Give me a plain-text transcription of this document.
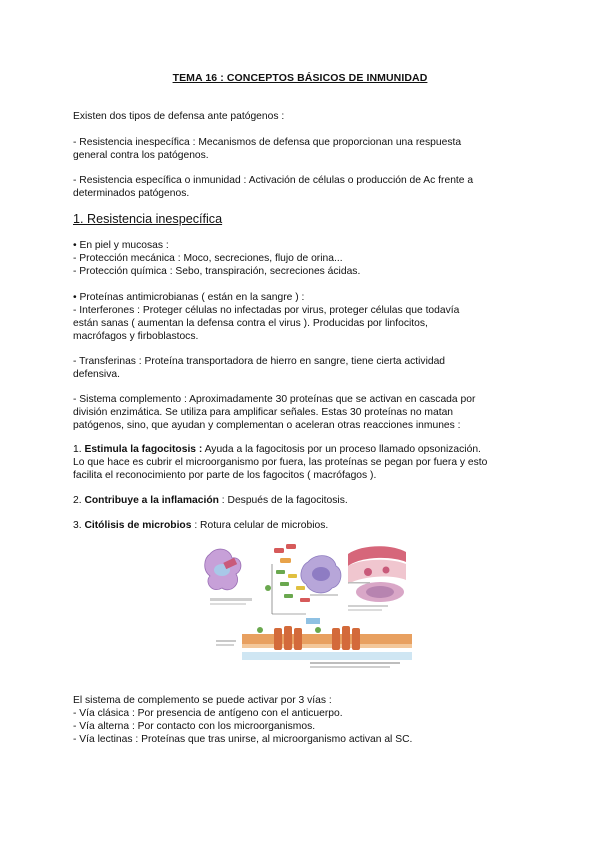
TEMA 16 : CONCEPTOS BÁSICOS DE INMUNIDAD
Existen dos tipos de defensa ante patógenos :
- Resistencia inespecífica : Mecanismos de defensa que proporcionan una respuesta
general contra los patógenos.
- Resistencia específica o inmunidad : Activación de células o producción de Ac frente a
determinados patógenos.
1. Resistencia inespecífica
• En piel y mucosas :
- Protección mecánica : Moco, secreciones, flujo de orina...
- Protección química : Sebo, transpiración, secreciones ácidas.
• Proteínas antimicrobianas ( están en la sangre ) :
- Interferones : Proteger células no infectadas por virus, proteger células que todavía
están sanas ( aumentan la defensa contra el virus ). Producidas por linfocitos,
macrófagos y firboblastocs.
- Transferinas : Proteína transportadora de hierro en sangre, tiene cierta actividad
defensiva.
- Sistema complemento : Aproximadamente 30 proteínas que se activan en cascada por
división enzimática. Se utiliza para amplificar señales. Estas 30 proteínas no matan
patógenos, sino, que ayudan y complementan o aceleran otras reacciones inmunes :
1. Estimula la fagocitosis : Ayuda a la fagocitosis por un proceso llamado opsonización.
Lo que hace es cubrir el microorganismo por fuera, las proteínas se pegan por fuera y esto
facilita el reconocimiento por parte de los fagocitos ( macrófagos ).
2. Contribuye a la inflamación : Después de la fagocitosis.
3. Citólisis de microbios : Rotura celular de microbios.
El sistema de complemento se puede activar por 3 vías :
- Vía clásica : Por presencia de antígeno con el anticuerpo.
- Vía alterna : Por contacto con los microorganismos.
- Vía lectinas : Proteínas que tras unirse, al microorganismo activan al SC.
